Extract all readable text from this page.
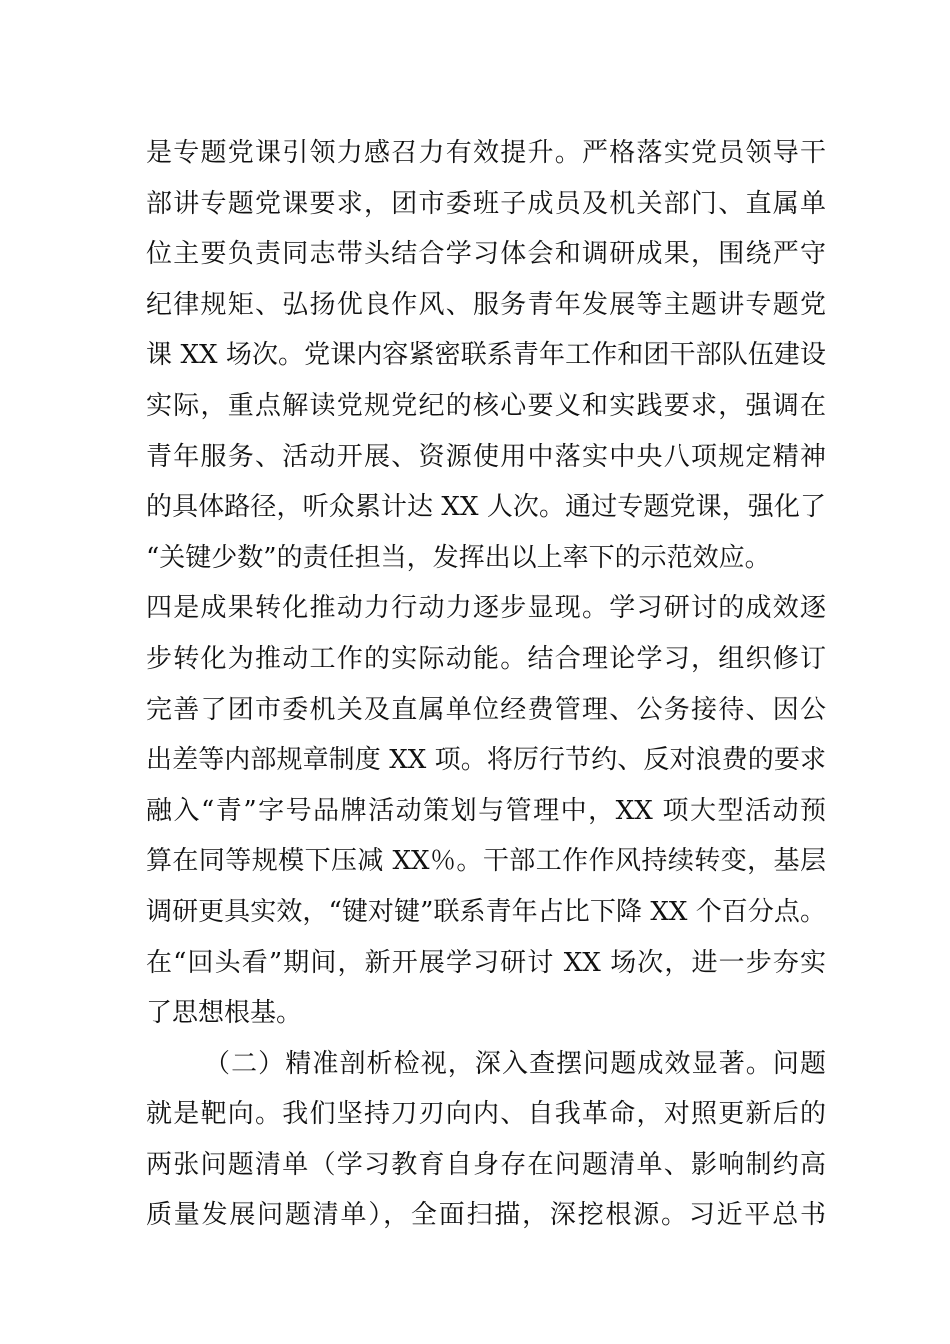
是专题党课引领力感召力有效提升。严格落实党员领导干
部讲专题党课要求，团市委班子成员及机关部门、直属单
位主要负责同志带头结合学习体会和调研成果，围绕严守
纪律规矩、弘扬优良作风、服务青年发展等主题讲专题党
课 XX 场次。党课内容紧密联系青年工作和团干部队伍建设
实际，重点解读党规党纪的核心要义和实践要求，强调在
青年服务、活动开展、资源使用中落实中央八项规定精神
的具体路径，听众累计达 XX 人次。通过专题党课，强化了
“关键少数”的责任担当，发挥出以上率下的示范效应。
四是成果转化推动力行动力逐步显现。学习研讨的成效逐
步转化为推动工作的实际动能。结合理论学习，组织修订
完善了团市委机关及直属单位经费管理、公务接待、因公
出差等内部规章制度 XX 项。将厉行节约、反对浪费的要求
融入“青”字号品牌活动策划与管理中，XX 项大型活动预
算在同等规模下压减 XX％。干部工作作风持续转变，基层
调研更具实效，“键对键”联系青年占比下降 XX 个百分点。
在“回头看”期间，新开展学习研讨 XX 场次，进一步夯实
了思想根基。
（二）精准剖析检视，深入查摆问题成效显著。问题
就是靶向。我们坚持刀刃向内、自我革命，对照更新后的
两张问题清单（学习教育自身存在问题清单、影响制约高
质量发展问题清单），全面扫描，深挖根源。习近平总书
